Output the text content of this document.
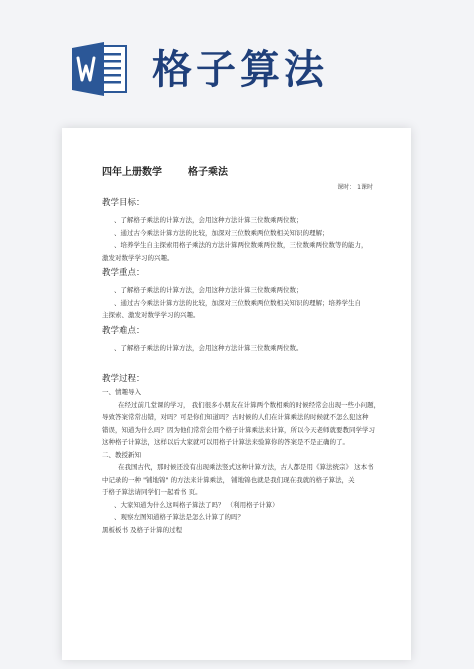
格子算法
四年上册数学	格子乘法
课时： 1课时
教学目标：
、了解格子乘法的计算方法，会用这种方法计算三位数乘两位数；
、通过古今乘法计算方法的比较，加深对三位数乘两位数相关知识的理解；
、培养学生自主探索用格子乘法的方法计算两位数乘两位数，三位数乘两位数等的能力，
激发对数学学习的兴趣。
教学重点：
、了解格子乘法的计算方法，会用这种方法计算三位数乘两位数；
、通过古今乘法计算方法的比较，加深对三位数乘两位数相关知识的理解；培养学生自
主探索、激发对数学学习的兴趣。
教学难点：
、了解格子乘法的计算方法，会用这种方法计算三位数乘两位数。
教学过程：
一、情趣导入
在经过前几堂课的学习， 我们很多小朋友在计算两个数相乘的时候经常会出现一些小问题，
导致答案常常出错，对吗？可是你们知道吗？古时候的人们在计算乘法的时候就不怎么犯这种
错误，知道为什么吗？因为他们常常会用个格子计算乘法来计算，所以今天老师就要教同学学习
这种格子计算法，这样以后大家就可以用格子计算法来验算你的答案是不是正确的了。
二、教授新知
在我国古代，那时候还没有出现乘法竖式这种计算方法，古人都是用《算法统宗》 这本书
中记录的一种 "铺地锦" 的方法来计算乘法， 铺地锦也就是我们现在我就的格子算法，关
于格子算法请同学们一起看书 页。
、大家知道为什么这叫格子算法了吗？ （利用格子计算）
、观察左图知道格子算法是怎么计算了的吗？
黑板板书 及格子计算的过程
